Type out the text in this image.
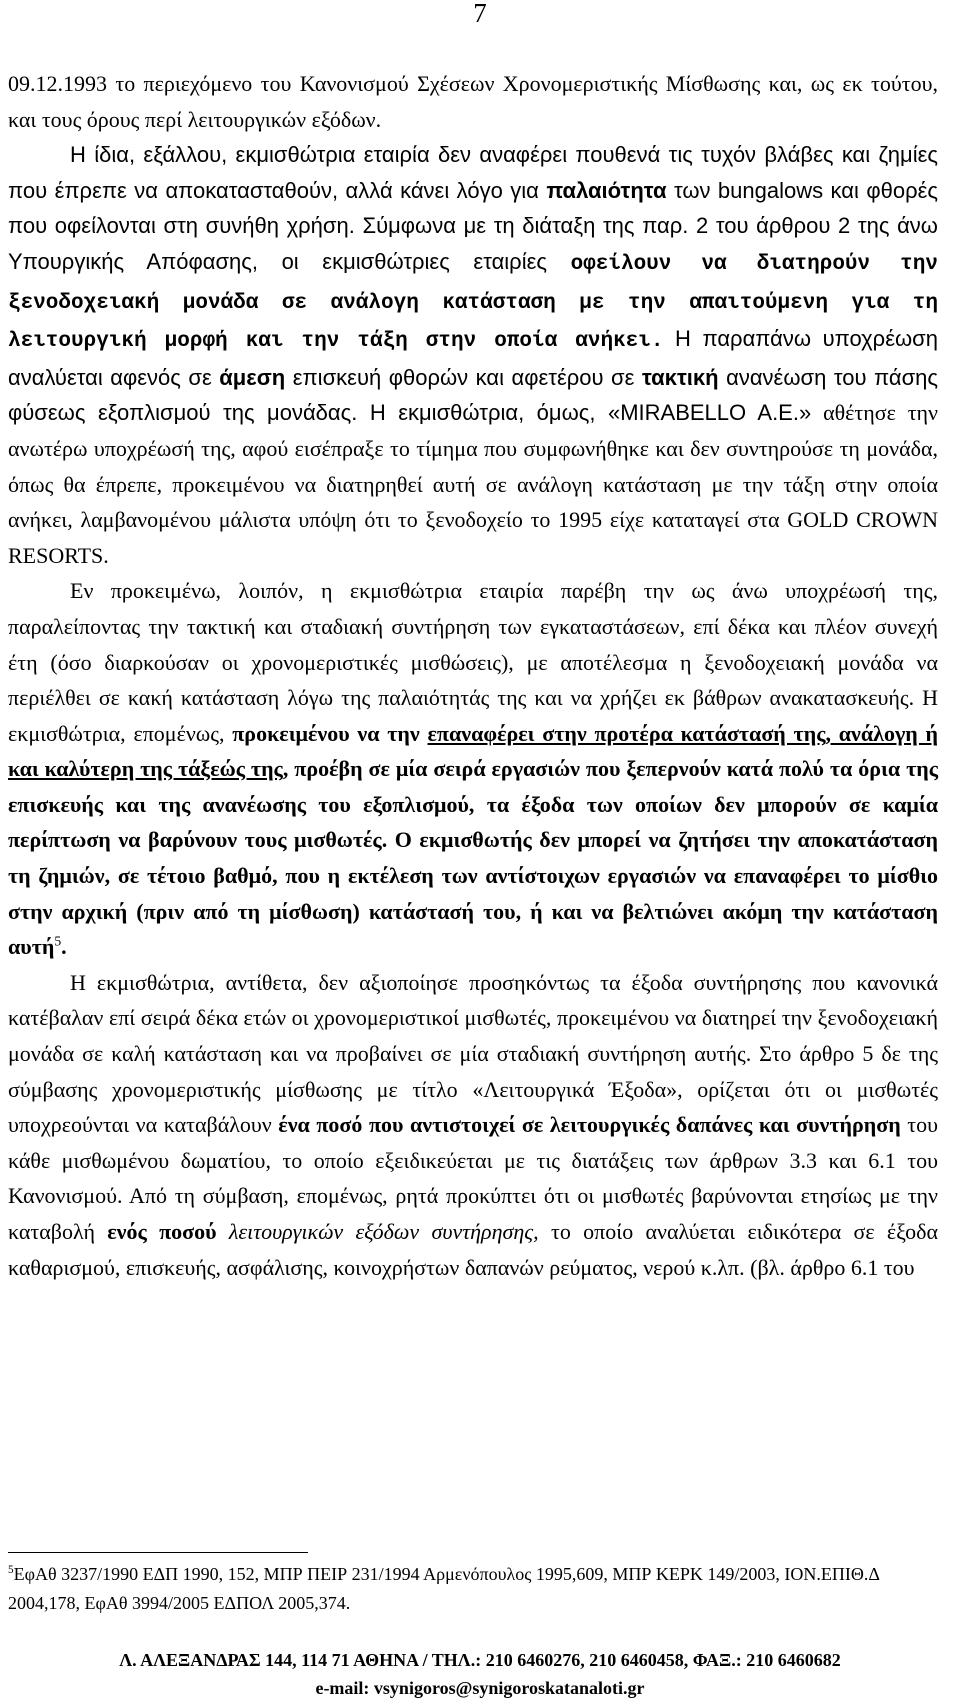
7

09.12.1993 το περιεχόμενο του Κανονισμού Σχέσεων Χρονομεριστικής Μίσθωσης και, ως εκ τούτου, και τους όρους περί λειτουργικών εξόδων.

Η ίδια, εξάλλου, εκμισθώτρια εταιρία δεν αναφέρει πουθενά τις τυχόν βλάβες και ζημίες που έπρεπε να αποκατασταθούν, αλλά κάνει λόγο για παλαιότητα των bungalows και φθορές που οφείλονται στη συνήθη χρήση. Σύμφωνα με τη διάταξη της παρ. 2 του άρθρου 2 της άνω Υπουργικής Απόφασης, οι εκμισθώτριες εταιρίες οφείλουν να διατηρούν την ξενοδοχειακή μονάδα σε ανάλογη κατάσταση με την απαιτούμενη για τη λειτουργική μορφή και την τάξη στην οποία ανήκει. Η παραπάνω υποχρέωση αναλύεται αφενός σε άμεση επισκευή φθορών και αφετέρου σε τακτική ανανέωση του πάσης φύσεως εξοπλισμού της μονάδας. Η εκμισθώτρια, όμως, «MIRABELLO A.E.» αθέτησε την ανωτέρω υποχρέωσή της, αφού εισέπραξε το τίμημα που συμφωνήθηκε και δεν συντηρούσε τη μονάδα, όπως θα έπρεπε, προκειμένου να διατηρηθεί αυτή σε ανάλογη κατάσταση με την τάξη στην οποία ανήκει, λαμβανομένου μάλιστα υπόψη ότι το ξενοδοχείο το 1995 είχε καταταγεί στα GOLD CROWN RESORTS.

Εν προκειμένω, λοιπόν, η εκμισθώτρια εταιρία παρέβη την ως άνω υποχρέωσή της, παραλείποντας την τακτική και σταδιακή συντήρηση των εγκαταστάσεων, επί δέκα και πλέον συνεχή έτη (όσο διαρκούσαν οι χρονομεριστικές μισθώσεις), με αποτέλεσμα η ξενοδοχειακή μονάδα να περιέλθει σε κακή κατάσταση λόγω της παλαιότητάς της και να χρήζει εκ βάθρων ανακατασκευής. Η εκμισθώτρια, επομένως, προκειμένου να την επαναφέρει στην προτέρα κατάστασή της, ανάλογη ή και καλύτερη της τάξεώς της, προέβη σε μία σειρά εργασιών που ξεπερνούν κατά πολύ τα όρια της επισκευής και της ανανέωσης του εξοπλισμού, τα έξοδα των οποίων δεν μπορούν σε καμία περίπτωση να βαρύνουν τους μισθωτές. Ο εκμισθωτής δεν μπορεί να ζητήσει την αποκατάσταση τη ζημιών, σε τέτοιο βαθμό, που η εκτέλεση των αντίστοιχων εργασιών να επαναφέρει το μίσθιο στην αρχική (πριν από τη μίσθωση) κατάστασή του, ή και να βελτιώνει ακόμη την κατάσταση αυτή$^5$.

Η εκμισθώτρια, αντίθετα, δεν αξιοποίησε προσηκόντως τα έξοδα συντήρησης που κανονικά κατέβαλαν επί σειρά δέκα ετών οι χρονομεριστικοί μισθωτές, προκειμένου να διατηρεί την ξενοδοχειακή μονάδα σε καλή κατάσταση και να προβαίνει σε μία σταδιακή συντήρηση αυτής. Στο άρθρο 5 δε της σύμβασης χρονομεριστικής μίσθωσης με τίτλο «Λειτουργικά Έξοδα», ορίζεται ότι οι μισθωτές υποχρεούνται να καταβάλουν ένα ποσό που αντιστοιχεί σε λειτουργικές δαπάνες και συντήρηση του κάθε μισθωμένου δωματίου, το οποίο εξειδικεύεται με τις διατάξεις των άρθρων 3.3 και 6.1 του Κανονισμού. Από τη σύμβαση, επομένως, ρητά προκύπτει ότι οι μισθωτές βαρύνονται ετησίως με την καταβολή ενός ποσού λειτουργικών εξόδων συντήρησης, το οποίο αναλύεται ειδικότερα σε έξοδα καθαρισμού, επισκευής, ασφάλισης, κοινοχρήστων δαπανών ρεύματος, νερού κ.λπ. (βλ. άρθρο 6.1 του

$^5$ΕφΑθ 3237/1990 ΕΔΠ 1990, 152, ΜΠΡ ΠΕΙΡ 231/1994 Αρμενόπουλος 1995,609, ΜΠΡ ΚΕΡΚ 149/2003, ΙΟΝ.ΕΠΙΘ.Δ 2004,178, ΕφΑθ 3994/2005 ΕΔΠΟΛ 2005,374.
Λ. ΑΛΕΞΑΝΔΡΑΣ 144, 114 71 ΑΘΗΝΑ / ΤΗΛ.: 210 6460276, 210 6460458, ΦΑΞ.: 210 6460682
e-mail: vsynigoros@synigoroskatanaloti.gr
